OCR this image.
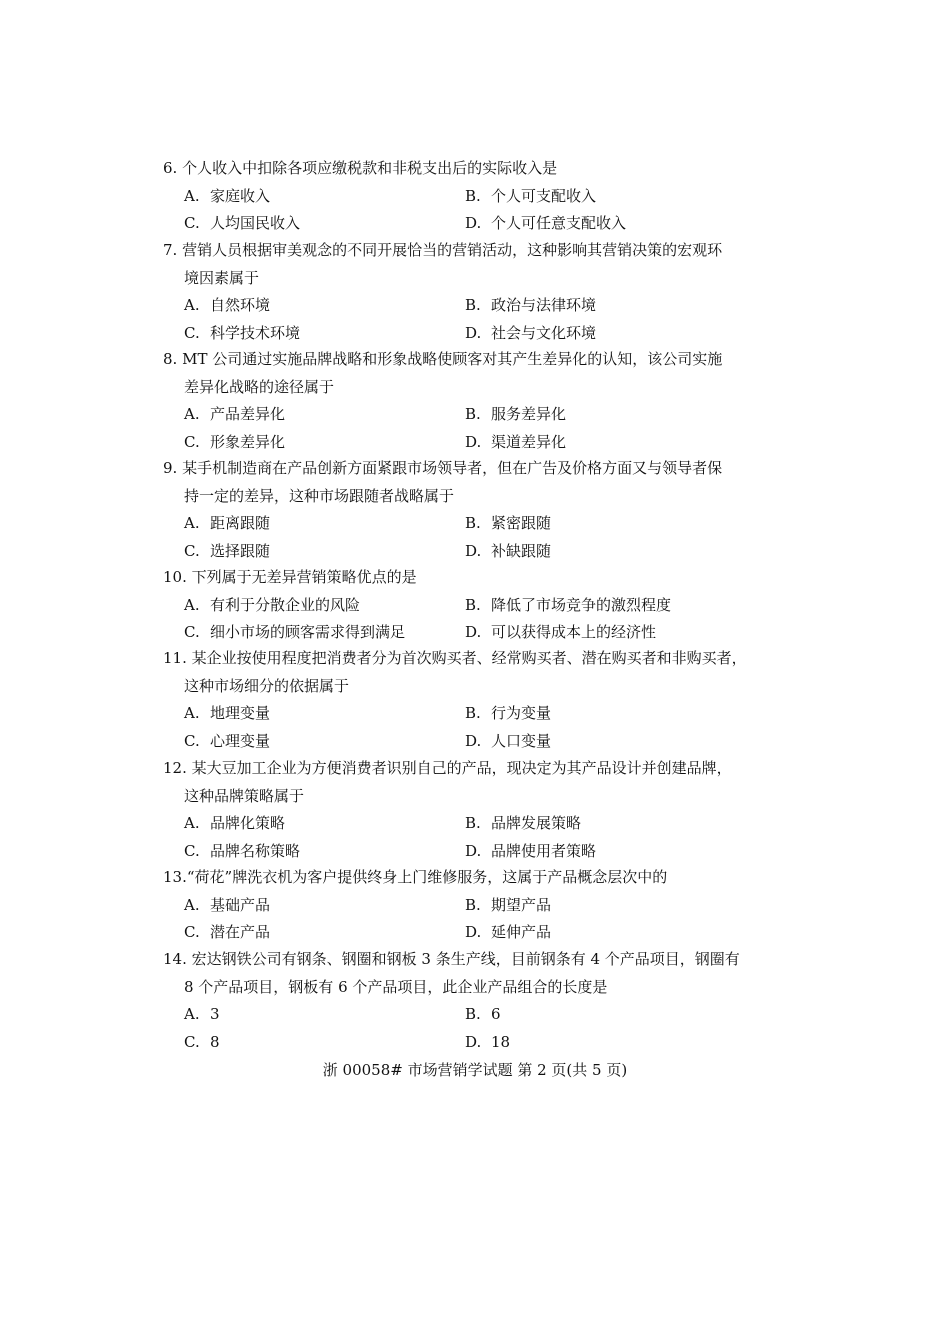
6. 个人收入中扣除各项应缴税款和非税支出后的实际收入是

A. 家庭收入	B. 个人可支配收入
C. 人均国民收入	D. 个人可任意支配收入

7. 营销人员根据审美观念的不同开展恰当的营销活动，这种影响其营销决策的宏观环

境因素属于

A. 自然环境	B. 政治与法律环境
C. 科学技术环境	D. 社会与文化环境

8. MT 公司通过实施品牌战略和形象战略使顾客对其产生差异化的认知，该公司实施

差异化战略的途径属于

A. 产品差异化	B. 服务差异化
C. 形象差异化	D. 渠道差异化

9. 某手机制造商在产品创新方面紧跟市场领导者，但在广告及价格方面又与领导者保

持一定的差异，这种市场跟随者战略属于

A. 距离跟随	B. 紧密跟随
C. 选择跟随	D. 补缺跟随

10. 下列属于无差异营销策略优点的是

A. 有利于分散企业的风险	B. 降低了市场竞争的激烈程度
C. 细小市场的顾客需求得到满足	D. 可以获得成本上的经济性

11. 某企业按使用程度把消费者分为首次购买者、经常购买者、潜在购买者和非购买者，

这种市场细分的依据属于

A. 地理变量	B. 行为变量
C. 心理变量	D. 人口变量

12. 某大豆加工企业为方便消费者识别自己的产品，现决定为其产品设计并创建品牌，

这种品牌策略属于

A. 品牌化策略	B. 品牌发展策略
C. 品牌名称策略	D. 品牌使用者策略

13.“荷花”牌洗衣机为客户提供终身上门维修服务，这属于产品概念层次中的

A. 基础产品	B. 期望产品
C. 潜在产品	D. 延伸产品

14. 宏达钢铁公司有钢条、钢圈和钢板 3 条生产线，目前钢条有 4 个产品项目，钢圈有

8 个产品项目，钢板有 6 个产品项目，此企业产品组合的长度是

A. 3	B. 6
C. 8	D. 18
浙 00058# 市场营销学试题 第 2 页(共 5 页)
